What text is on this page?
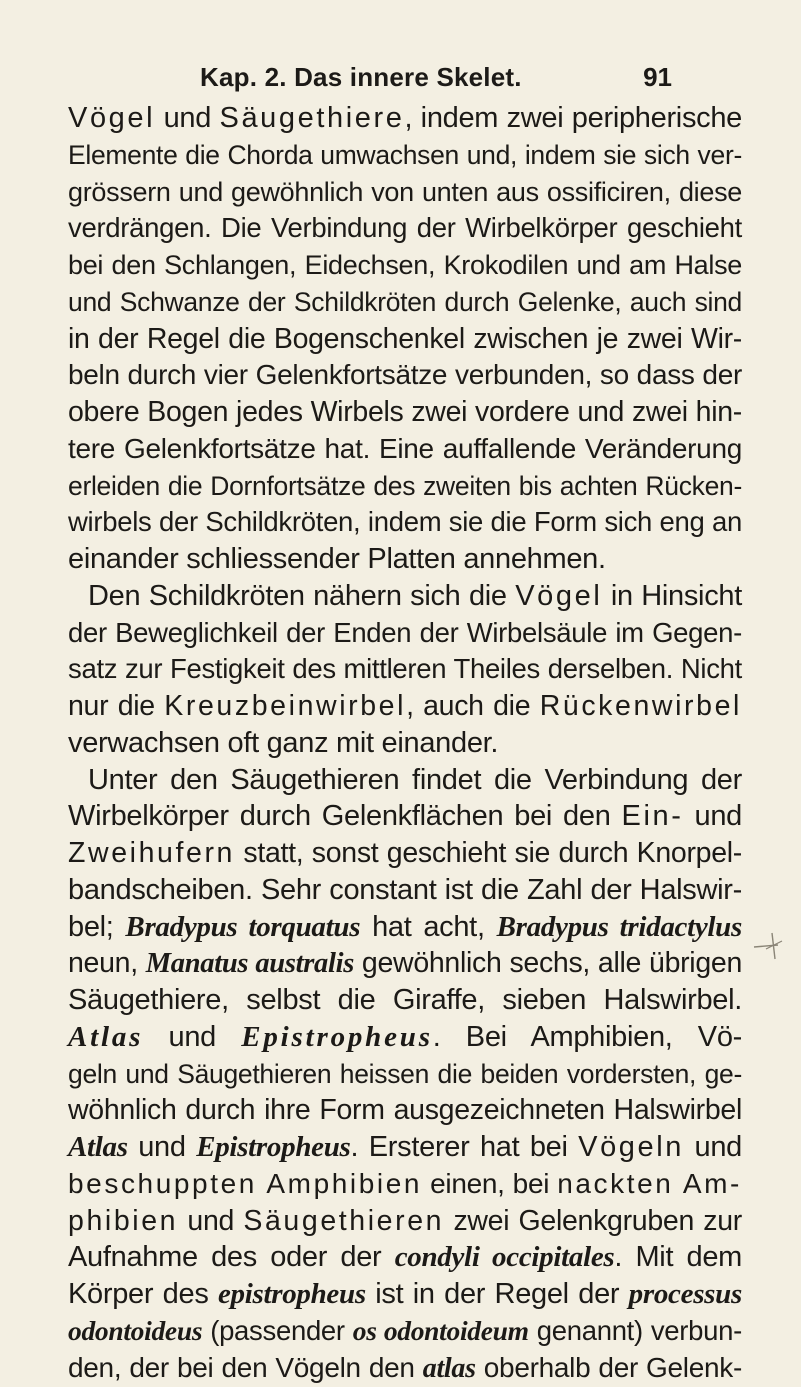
Kap. 2. Das innere Skelet.	91
Vögel und Säugethiere, indem zwei peripherische
Elemente die Chorda umwachsen und, indem sie sich ver-
grössern und gewöhnlich von unten aus ossificiren, diese
verdrängen. Die Verbindung der Wirbelkörper geschieht
bei den Schlangen, Eidechsen, Krokodilen und am Halse
und Schwanze der Schildkröten durch Gelenke, auch sind
in der Regel die Bogenschenkel zwischen je zwei Wir-
beln durch vier Gelenkfortsätze verbunden, so dass der
obere Bogen jedes Wirbels zwei vordere und zwei hin-
tere Gelenkfortsätze hat. Eine auffallende Veränderung
erleiden die Dornfortsätze des zweiten bis achten Rücken-
wirbels der Schildkröten, indem sie die Form sich eng an
einander schliessender Platten annehmen.
Den Schildkröten nähern sich die Vögel in Hinsicht
der Beweglichkeil der Enden der Wirbelsäule im Gegen-
satz zur Festigkeit des mittleren Theiles derselben. Nicht
nur die Kreuzbeinwirbel, auch die Rückenwirbel
verwachsen oft ganz mit einander.
Unter den Säugethieren findet die Verbindung der
Wirbelkörper durch Gelenkflächen bei den Ein- und
Zweihufern statt, sonst geschieht sie durch Knorpel-
bandscheiben. Sehr constant ist die Zahl der Halswir-
bel; Bradypus torquatus hat acht, Bradypus tridactylus
neun, Manatus australis gewöhnlich sechs, alle übrigen
Säugethiere, selbst die Giraffe, sieben Halswirbel.
Atlas und Epistropheus. Bei Amphibien, Vö-
geln und Säugethieren heissen die beiden vordersten, ge-
wöhnlich durch ihre Form ausgezeichneten Halswirbel
Atlas und Epistropheus. Ersterer hat bei Vögeln und
beschuppten Amphibien einen, bei nackten Am-
phibien und Säugethieren zwei Gelenkgruben zur
Aufnahme des oder der condyli occipitales. Mit dem
Körper des epistropheus ist in der Regel der processus
odontoideus (passender os odontoideum genannt) verbun-
den, der bei den Vögeln den atlas oberhalb der Gelenk-
